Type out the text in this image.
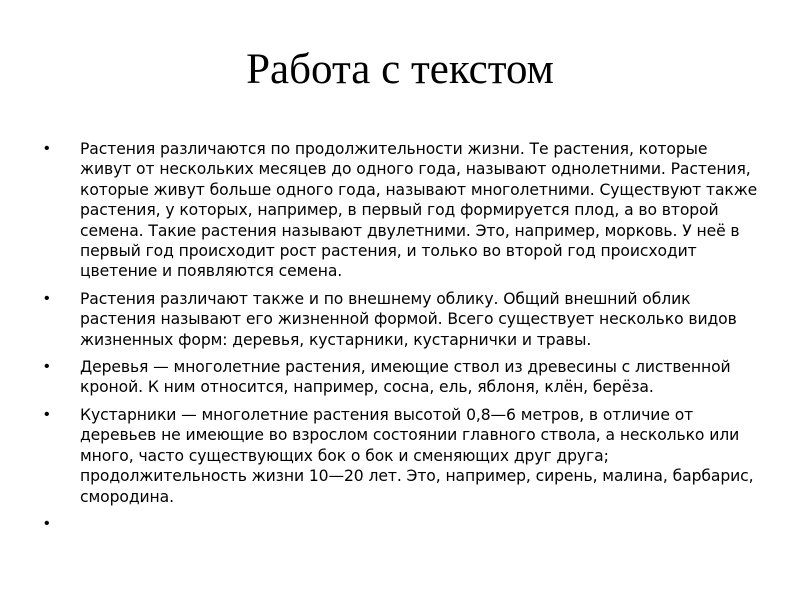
Работа с текстом
• Растения различаются по продолжительности жизни. Те растения, которые живут от нескольких месяцев до одного года, называют однолетними. Растения, которые живут больше одного года, называют многолетними. Существуют также растения, у которых, например, в первый год формируется плод, а во второй семена. Такие растения называют двулетними. Это, например, морковь. У неё в первый год происходит рост растения, и только во второй год происходит цветение и появляются семена.
• Растения различают также и по внешнему облику. Общий внешний облик растения называют его жизненной формой. Всего существует несколько видов жизненных форм: деревья, кустарники, кустарнички и травы.
• Деревья — многолетние растения, имеющие ствол из древесины с лиственной кроной. К ним относится, например, сосна, ель, яблоня, клён, берёза.
• Кустарники — многолетние растения высотой 0,8—6 метров, в отличие от деревьев не имеющие во взрослом состоянии главного ствола, а несколько или много, часто существующих бок о бок и сменяющих друг друга; продолжительность жизни 10—20 лет. Это, например, сирень, малина, барбарис, смородина.
•
